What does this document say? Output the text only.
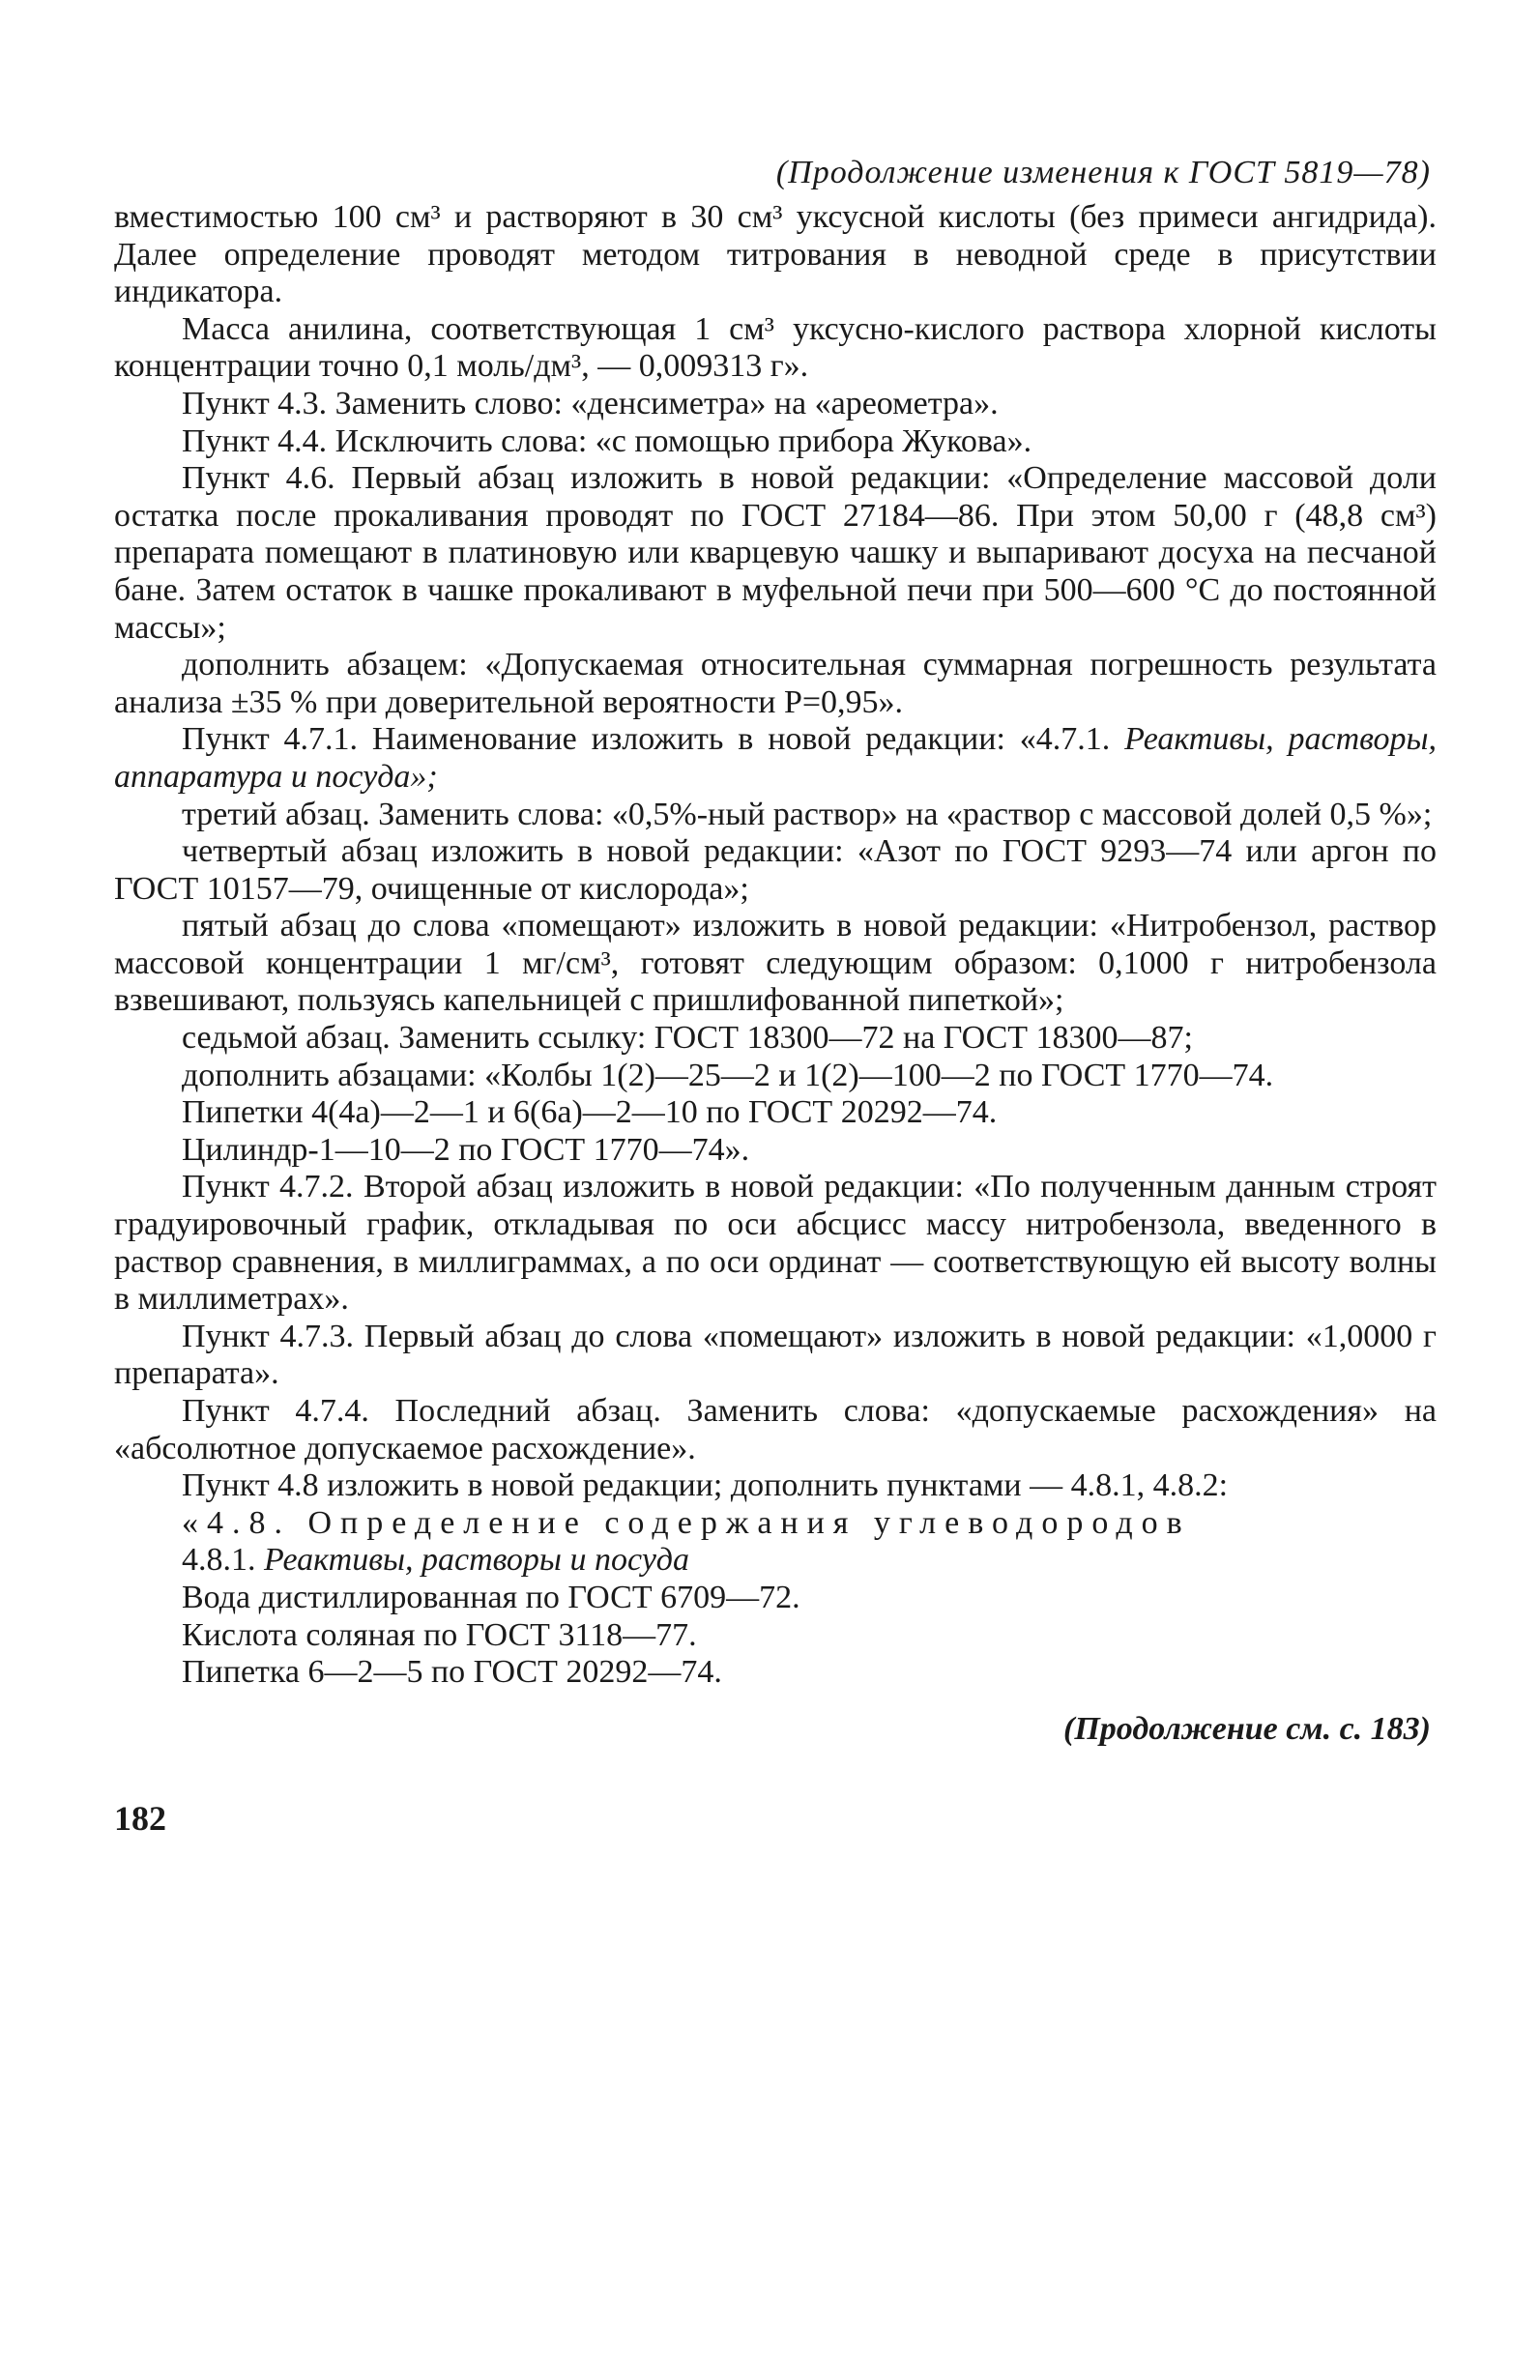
(Продолжение изменения к ГОСТ 5819—78)

вместимостью 100 см³ и растворяют в 30 см³ уксусной кислоты (без примеси ангидрида). Далее определение проводят методом титрования в неводной среде в присутствии индикатора.

Масса анилина, соответствующая 1 см³ уксусно-кислого раствора хлорной кислоты концентрации точно 0,1 моль/дм³, — 0,009313 г».

Пункт 4.3. Заменить слово: «денсиметра» на «ареометра».

Пункт 4.4. Исключить слова: «с помощью прибора Жукова».

Пункт 4.6. Первый абзац изложить в новой редакции: «Определение массовой доли остатка после прокаливания проводят по ГОСТ 27184—86. При этом 50,00 г (48,8 см³) препарата помещают в платиновую или кварцевую чашку и выпаривают досуха на песчаной бане. Затем остаток в чашке прокаливают в муфельной печи при 500—600 °С до постоянной массы»;

дополнить абзацем: «Допускаемая относительная суммарная погрешность результата анализа ±35 % при доверительной вероятности P=0,95».

Пункт 4.7.1. Наименование изложить в новой редакции: «4.7.1. Реактивы, растворы, аппаратура и посуда»;

третий абзац. Заменить слова: «0,5%-ный раствор» на «раствор с массовой долей 0,5 %»;

четвертый абзац изложить в новой редакции: «Азот по ГОСТ 9293—74 или аргон по ГОСТ 10157—79, очищенные от кислорода»;

пятый абзац до слова «помещают» изложить в новой редакции: «Нитробензол, раствор массовой концентрации 1 мг/см³, готовят следующим образом: 0,1000 г нитробензола взвешивают, пользуясь капельницей с пришлифованной пипеткой»;

седьмой абзац. Заменить ссылку: ГОСТ 18300—72 на ГОСТ 18300—87;

дополнить абзацами: «Колбы 1(2)—25—2 и 1(2)—100—2 по ГОСТ 1770—74.

Пипетки 4(4а)—2—1 и 6(6а)—2—10 по ГОСТ 20292—74.

Цилиндр-1—10—2 по ГОСТ 1770—74».

Пункт 4.7.2. Второй абзац изложить в новой редакции: «По полученным данным строят градуировочный график, откладывая по оси абсцисс массу нитробензола, введенного в раствор сравнения, в миллиграммах, а по оси ординат — соответствующую ей высоту волны в миллиметрах».

Пункт 4.7.3. Первый абзац до слова «помещают» изложить в новой редакции: «1,0000 г препарата».

Пункт 4.7.4. Последний абзац. Заменить слова: «допускаемые расхождения» на «абсолютное допускаемое расхождение».

Пункт 4.8 изложить в новой редакции; дополнить пунктами — 4.8.1, 4.8.2:

«4.8. Определение содержания углеводородов

4.8.1. Реактивы, растворы и посуда

Вода дистиллированная по ГОСТ 6709—72.

Кислота соляная по ГОСТ 3118—77.

Пипетка 6—2—5 по ГОСТ 20292—74.

(Продолжение см. с. 183)
182
